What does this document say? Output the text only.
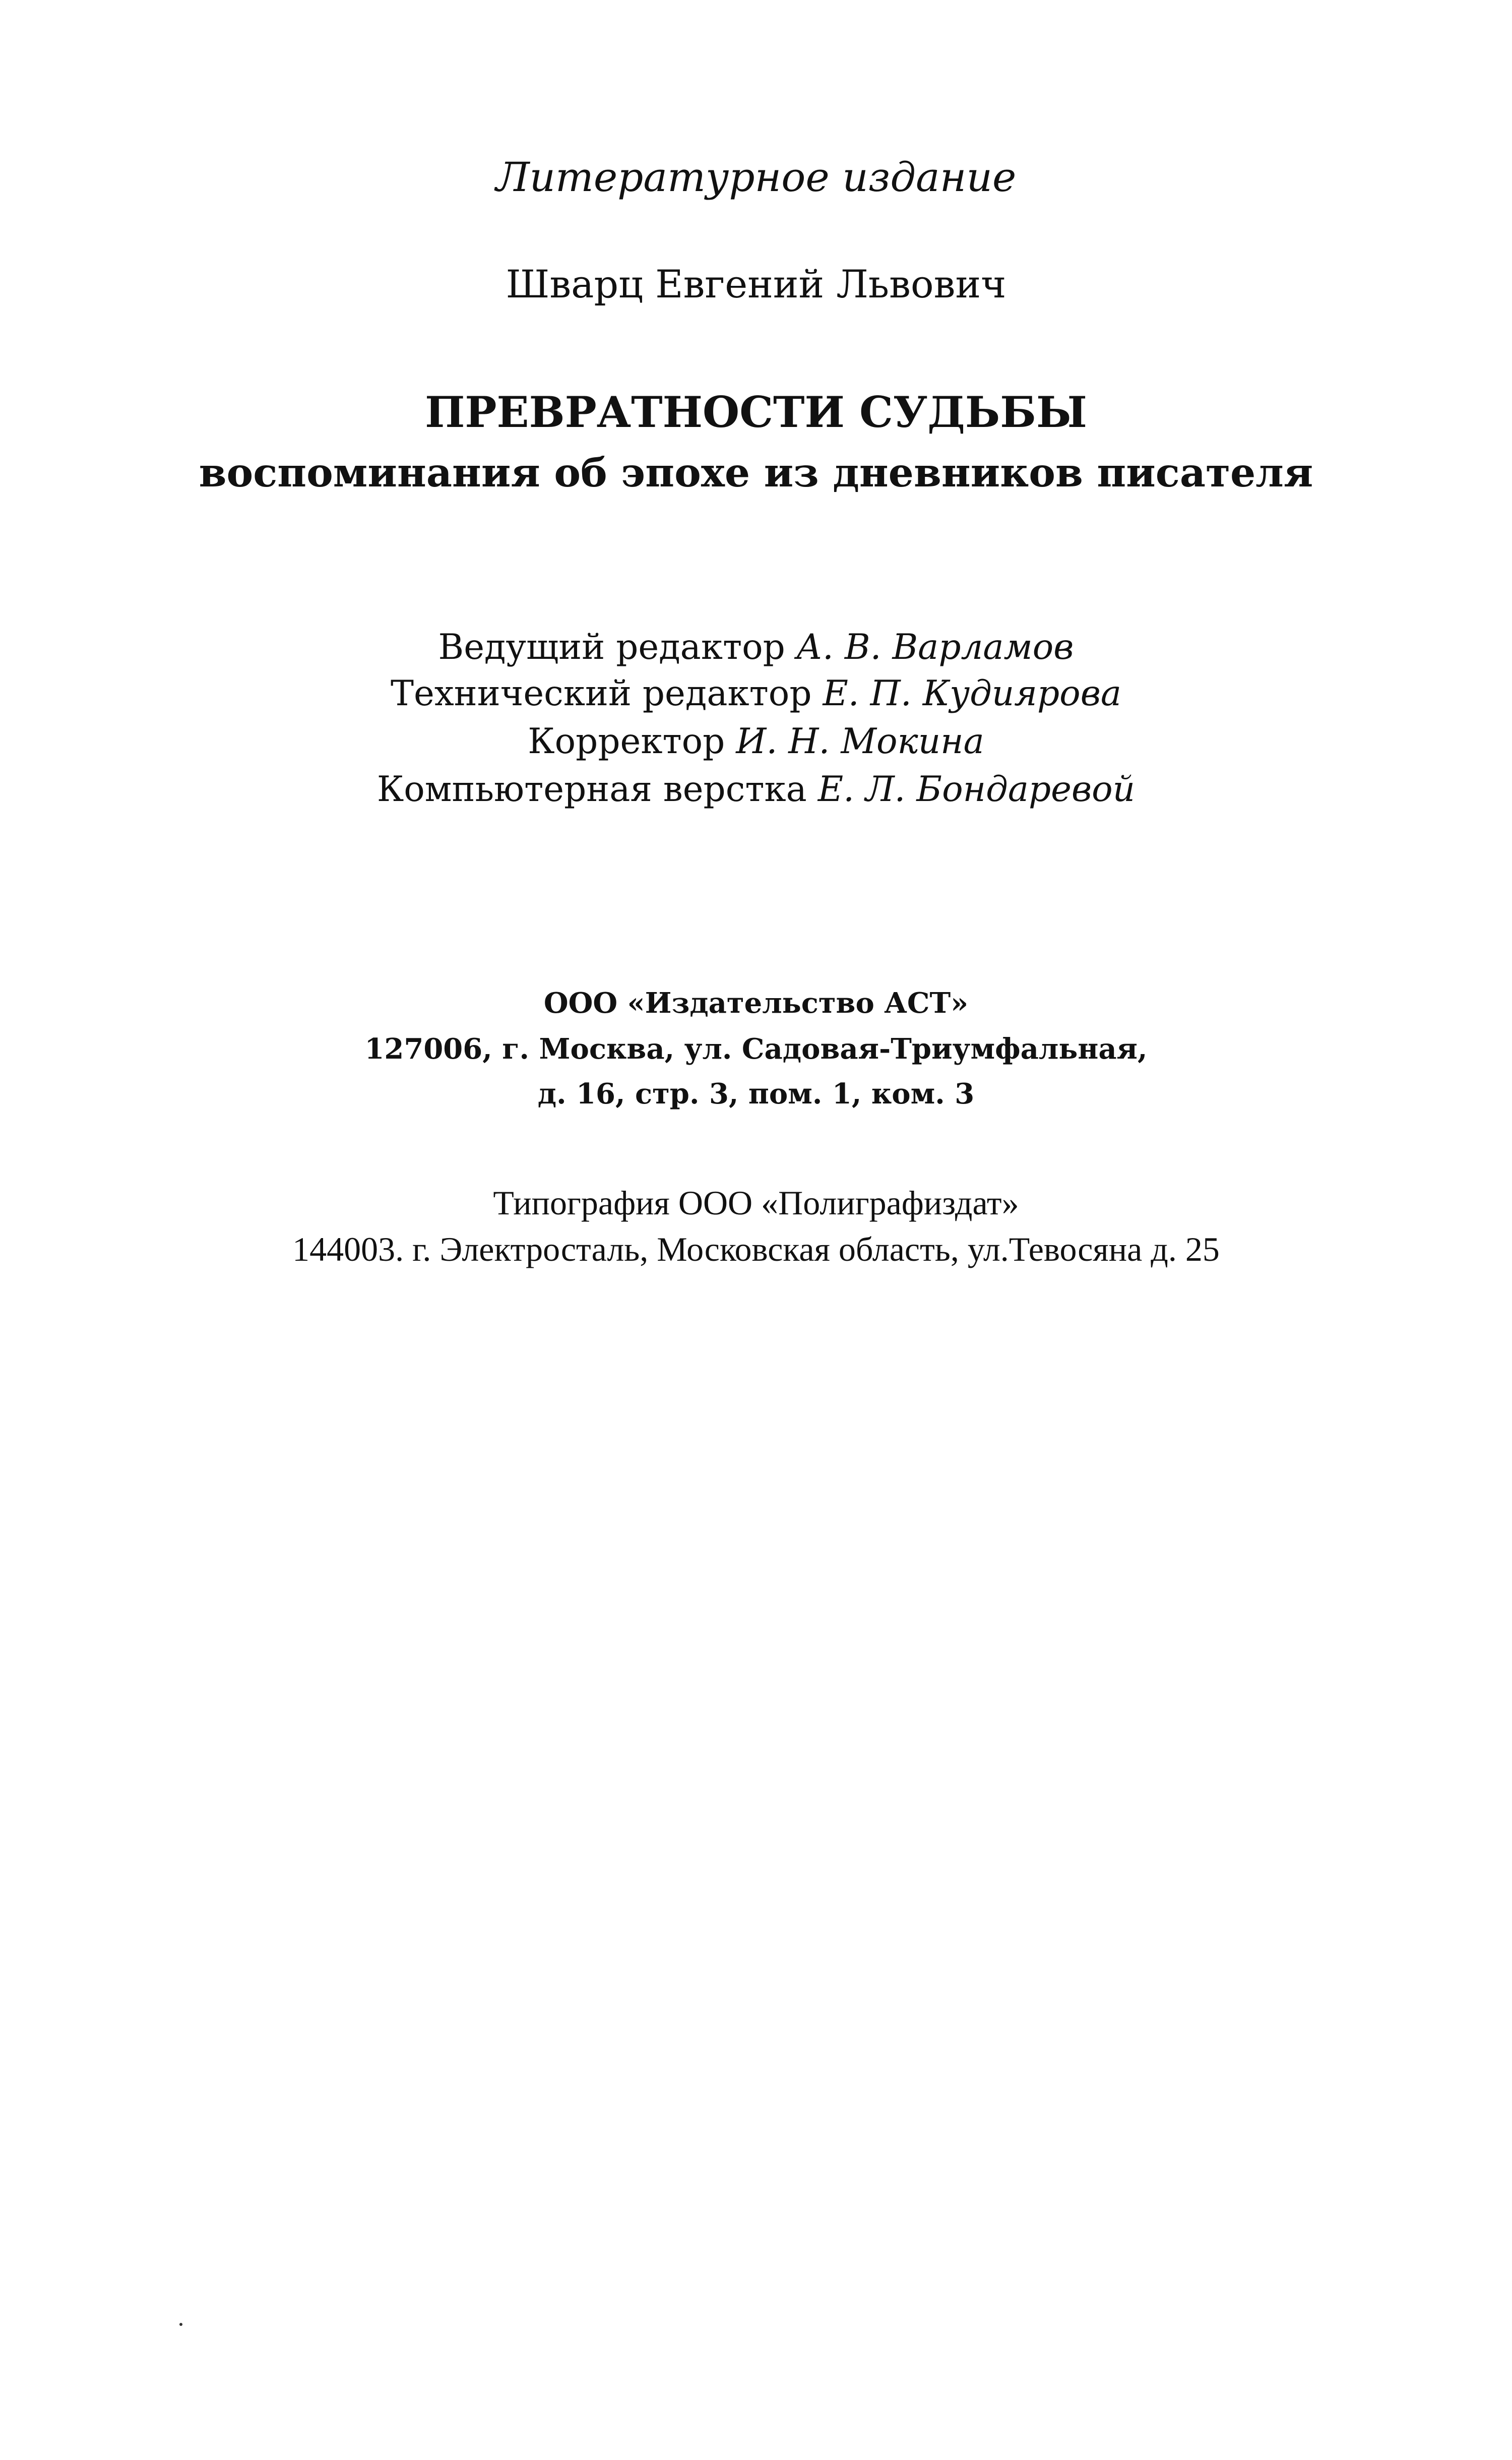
Литературное издание
Шварц Евгений Львович
ПРЕВРАТНОСТИ СУДЬБЫ
воспоминания об эпохе из дневников писателя
Ведущий редактор А. В. Варламов
Технический редактор Е. П. Кудиярова
Корректор И. Н. Мокина
Компьютерная верстка Е. Л. Бондаревой
ООО «Издательство АСТ»
127006, г. Москва, ул. Садовая-Триумфальная,
д. 16, стр. 3, пом. 1, ком. 3
Типография ООО «Полиграфиздат»
144003. г. Электросталь, Московская область, ул.Тевосяна д. 25
